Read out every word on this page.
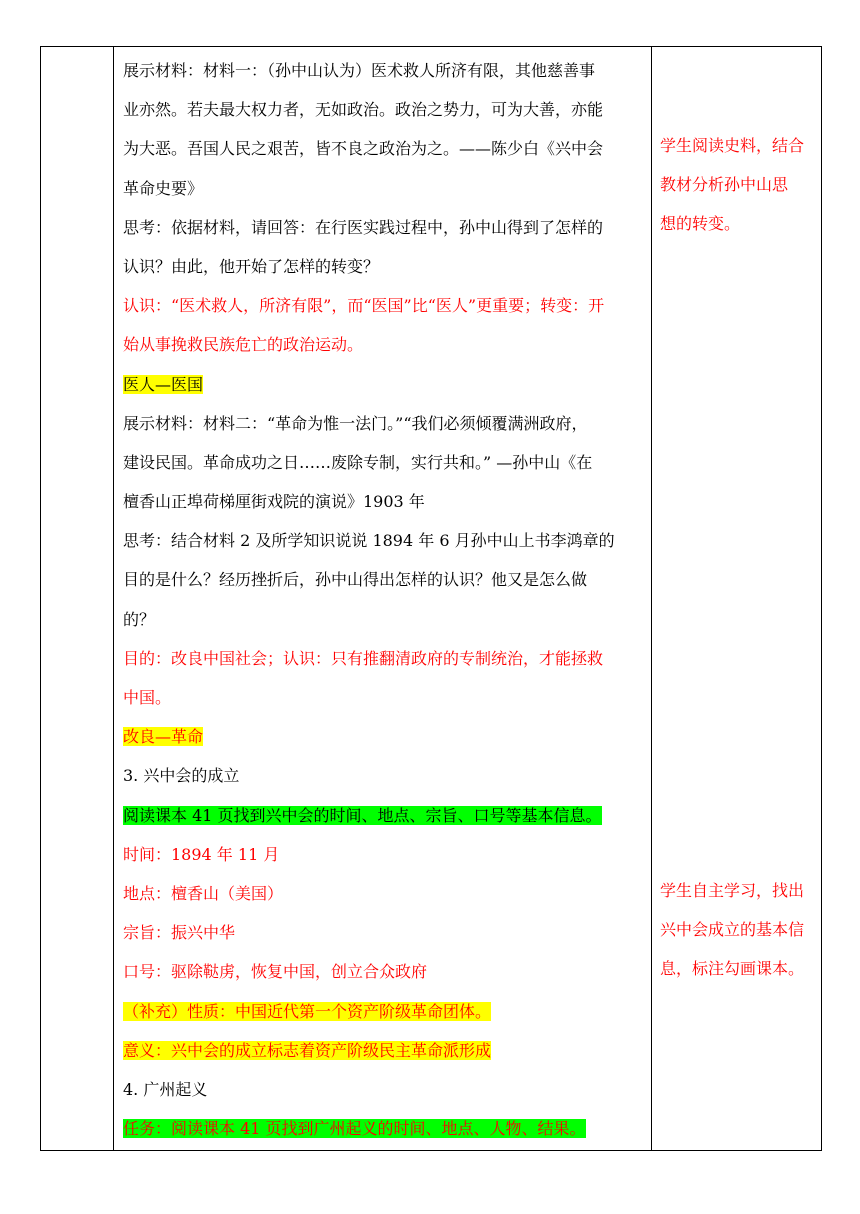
展示材料：材料一：（孙中山认为）医术救人所济有限，其他慈善事
业亦然。若夫最大权力者，无如政治。政治之势力，可为大善，亦能
为大恶。吾国人民之艰苦，皆不良之政治为之。——陈少白《兴中会
革命史要》
思考：依据材料，请回答：在行医实践过程中，孙中山得到了怎样的
认识？由此，他开始了怎样的转变？
认识：“医术救人，所济有限”，而“医国”比“医人”更重要；转变：开
始从事挽救民族危亡的政治运动。
医人—医国
展示材料：材料二：“革命为惟一法门。”“我们必须倾覆满洲政府，
建设民国。革命成功之日……废除专制，实行共和。” —孙中山《在
檀香山正埠荷梯厘街戏院的演说》1903 年
思考：结合材料 2 及所学知识说说 1894 年 6 月孙中山上书李鸿章的
目的是什么？经历挫折后，孙中山得出怎样的认识？他又是怎么做
的？
目的：改良中国社会；认识：只有推翻清政府的专制统治，才能拯救
中国。
改良—革命
3. 兴中会的成立
阅读课本 41 页找到兴中会的时间、地点、宗旨、口号等基本信息。
时间：1894 年 11 月
地点：檀香山（美国）
宗旨：振兴中华
口号：驱除鞑虏，恢复中国，创立合众政府
（补充）性质：中国近代第一个资产阶级革命团体。
意义：兴中会的成立标志着资产阶级民主革命派形成
4. 广州起义
任务：阅读课本 41 页找到广州起义的时间、地点、人物、结果。
学生阅读史料，结合
教材分析孙中山思
想的转变。
学生自主学习，找出
兴中会成立的基本信
息，标注勾画课本。
